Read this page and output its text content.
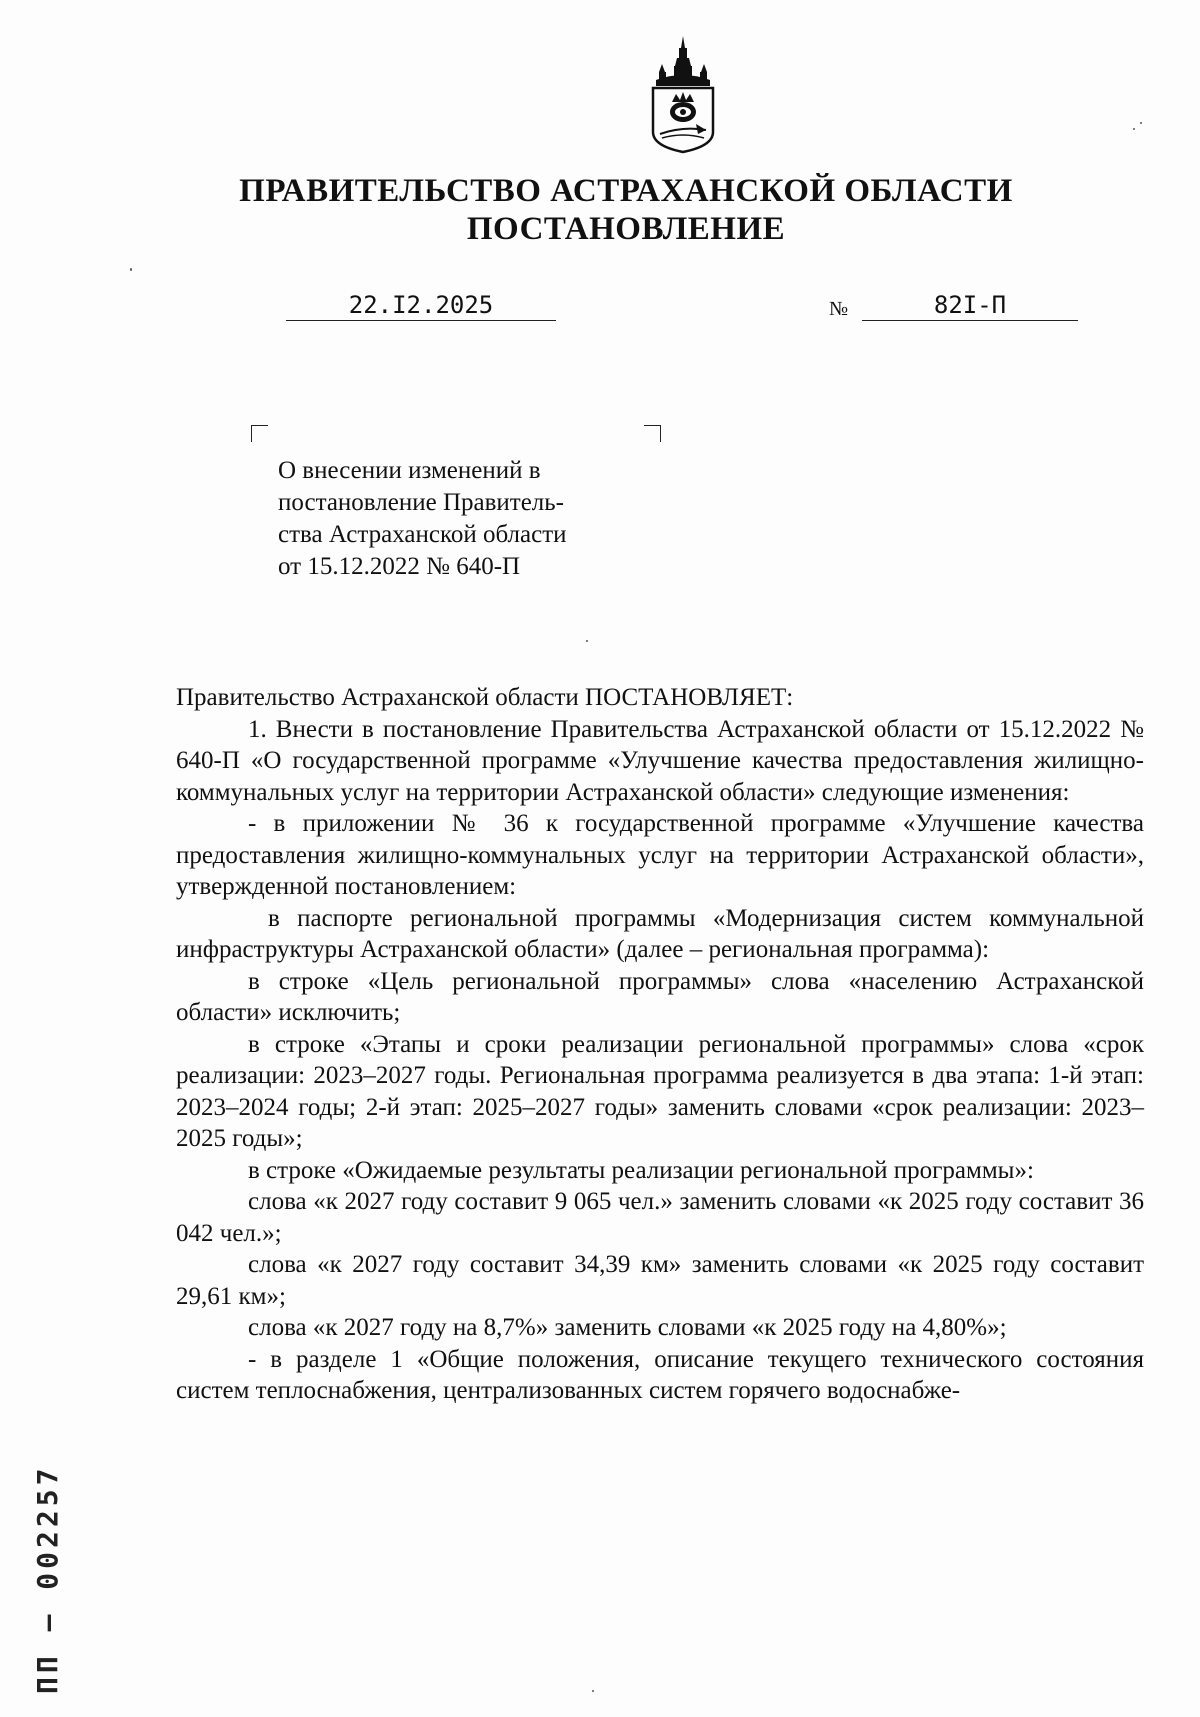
ПРАВИТЕЛЬСТВО АСТРАХАНСКОЙ ОБЛАСТИ
ПОСТАНОВЛЕНИЕ
22.I2.2025	№	82I-П
О внесении изменений в
постановление Правитель-
ства Астраханской области
от 15.12.2022 № 640-П

Правительство Астраханской области ПОСТАНОВЛЯЕТ:

1. Внести в постановление Правительства Астраханской области от 15.12.2022 № 640-П «О государственной программе «Улучшение качества предоставления жилищно-коммунальных услуг на территории Астраханской области» следующие изменения:

- в приложении № 36 к государственной программе «Улучшение качества предоставления жилищно-коммунальных услуг на территории Астраханской области», утвержденной постановлением:

в паспорте региональной программы «Модернизация систем коммунальной инфраструктуры Астраханской области» (далее – региональная программа):

в строке «Цель региональной программы» слова «населению Астраханской области» исключить;

в строке «Этапы и сроки реализации региональной программы» слова «срок реализации: 2023–2027 годы. Региональная программа реализуется в два этапа: 1-й этап: 2023–2024 годы; 2-й этап: 2025–2027 годы» заменить словами «срок реализации: 2023–2025 годы»;

в строке «Ожидаемые результаты реализации региональной программы»:

слова «к 2027 году составит 9 065 чел.» заменить словами «к 2025 году составит 36 042 чел.»;

слова «к 2027 году составит 34,39 км» заменить словами «к 2025 году составит 29,61 км»;

слова «к 2027 году на 8,7%» заменить словами «к 2025 году на 4,80%»;

- в разделе 1 «Общие положения, описание текущего технического состояния систем теплоснабжения, централизованных систем горячего водоснабже-

ПП – 002257
